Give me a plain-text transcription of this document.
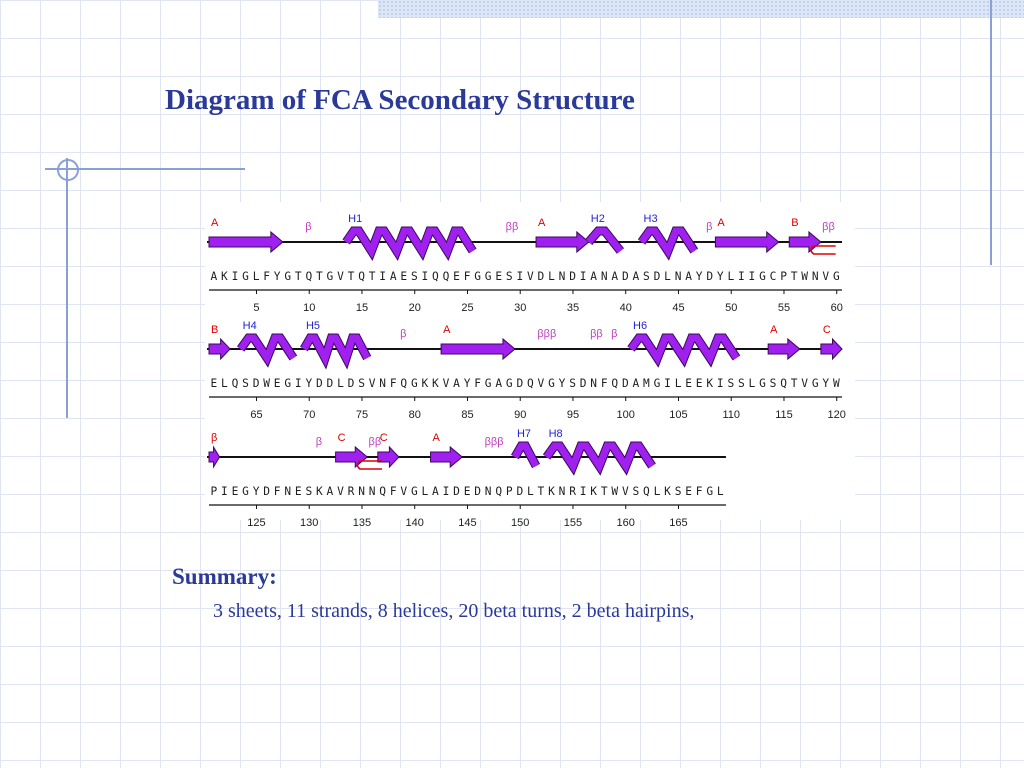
Diagram of FCA Secondary Structure
A	β
H1
ββ A	H2	H3
β A	B ββ
A K I G L F Y G T Q T G V T Q T I A E S I Q Q E F G G E S I V D L N D I A N A D A S D L N A Y D Y L I I G C P T W N V G
5	10	15	20	25	30	35	40	45	50	55	60
B H4	H5
β	A	βββ	ββ β
H6	A	C
E L Q S D W E G I Y D D L D S V N F Q G K K V A Y F G A G D Q V G Y S D N F Q D A M G I L E E K I S S L G S Q T V G Y W
65	70	75	80	85	90	95	100	105	110	115	120
β	β C ββ
C	A	βββ
H7 H8
P I E G Y D F N E S K A V R N N Q F V G L A I D E D N Q P D L T K N R I K T W V S Q L K S E F G L
125	130	135	140	145	150	155	160	165
Summary:

3 sheets, 11 strands, 8 helices, 20 beta turns, 2 beta hairpins,
